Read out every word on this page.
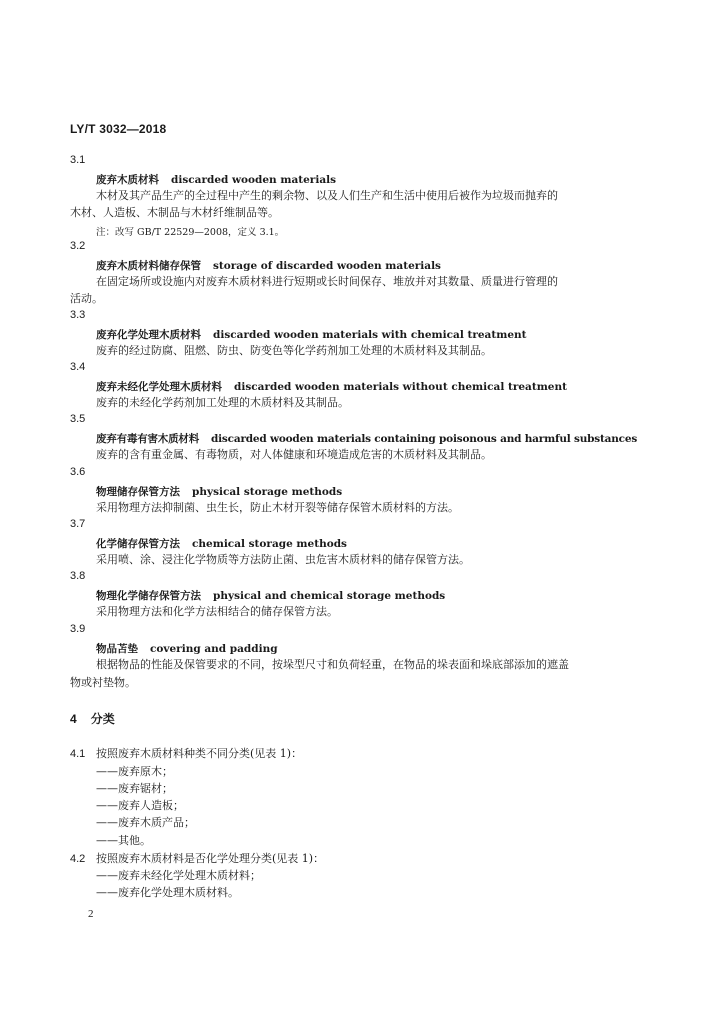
LY/T 3032—2018
3.1
废弃木质材料 discarded wooden materials
木材及其产品生产的全过程中产生的剩余物、以及人们生产和生活中使用后被作为垃圾而抛弃的
木材、人造板、木制品与木材纤维制品等。
注：改写 GB/T 22529—2008，定义 3.1。
3.2
废弃木质材料储存保管 storage of discarded wooden materials
在固定场所或设施内对废弃木质材料进行短期或长时间保存、堆放并对其数量、质量进行管理的
活动。
3.3
废弃化学处理木质材料 discarded wooden materials with chemical treatment
废弃的经过防腐、阻燃、防虫、防变色等化学药剂加工处理的木质材料及其制品。
3.4
废弃未经化学处理木质材料 discarded wooden materials without chemical treatment
废弃的未经化学药剂加工处理的木质材料及其制品。
3.5
废弃有毒有害木质材料 discarded wooden materials containing poisonous and harmful substances
废弃的含有重金属、有毒物质，对人体健康和环境造成危害的木质材料及其制品。
3.6
物理储存保管方法 physical storage methods
采用物理方法抑制菌、虫生长，防止木材开裂等储存保管木质材料的方法。
3.7
化学储存保管方法 chemical storage methods
采用喷、涂、浸注化学物质等方法防止菌、虫危害木质材料的储存保管方法。
3.8
物理化学储存保管方法 physical and chemical storage methods
采用物理方法和化学方法相结合的储存保管方法。
3.9
物品苫垫 covering and padding
根据物品的性能及保管要求的不同，按垛型尺寸和负荷轻重，在物品的垛表面和垛底部添加的遮盖
物或衬垫物。
4 分类
4.1 按照废弃木质材料种类不同分类(见表 1)：
——废弃原木；
——废弃锯材；
——废弃人造板；
——废弃木质产品；
——其他。
4.2 按照废弃木质材料是否化学处理分类(见表 1)：
——废弃未经化学处理木质材料；
——废弃化学处理木质材料。
2
